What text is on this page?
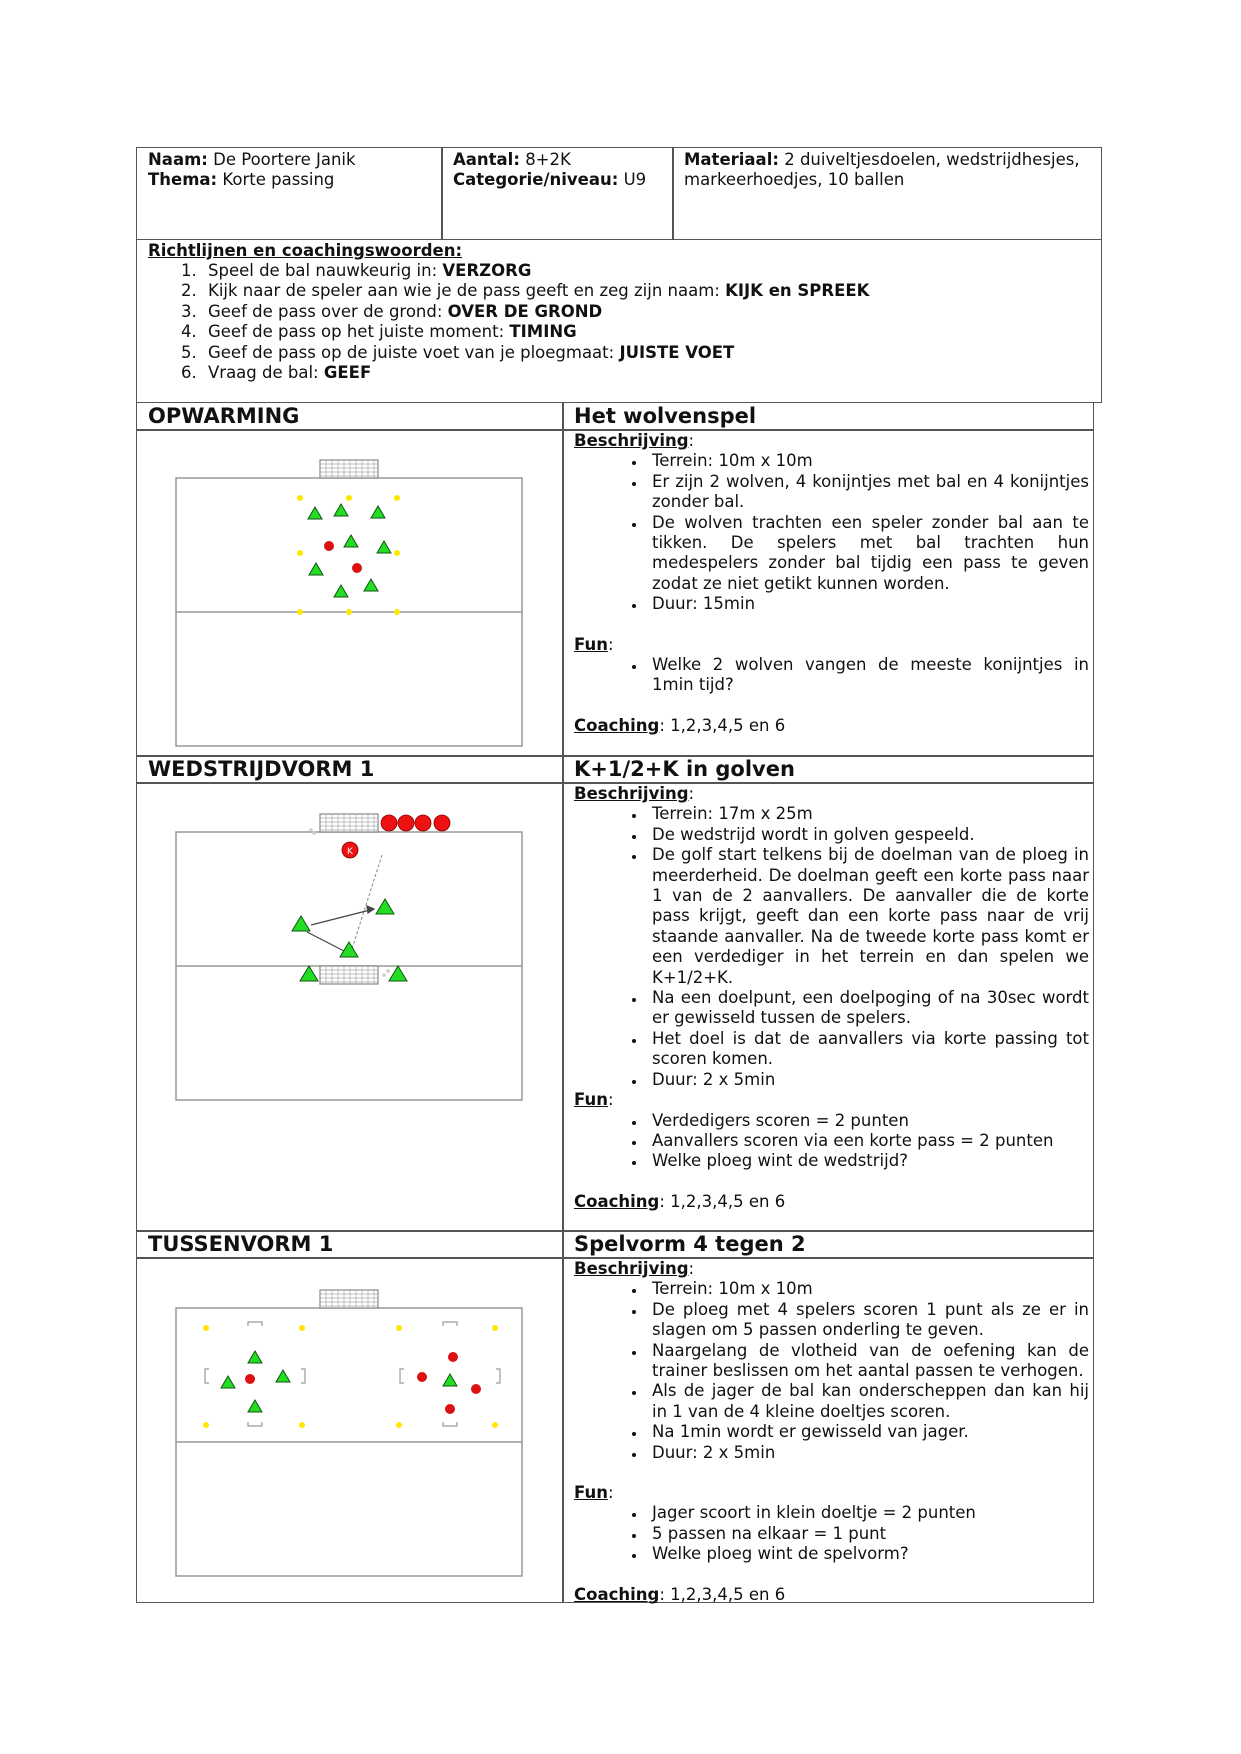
Naam: De Poortere Janik
Thema: Korte passing
Aantal: 8+2K
Categorie/niveau: U9
Materiaal: 2 duiveltjesdoelen, wedstrijdhesjes, markeerhoedjes, 10 ballen
Richtlijnen en coachingswoorden:
1. Speel de bal nauwkeurig in: VERZORG
2. Kijk naar de speler aan wie je de pass geeft en zeg zijn naam: KIJK en SPREEK
3. Geef de pass over de grond: OVER DE GROND
4. Geef de pass op het juiste moment: TIMING
5. Geef de pass op de juiste voet van je ploegmaat: JUISTE VOET
6. Vraag de bal: GEEF
OPWARMING	Het wolvenspel
Beschrijving:
• Terrein: 10m x 10m
• Er zijn 2 wolven, 4 konijntjes met bal en 4 konijntjes zonder bal.
• De wolven trachten een speler zonder bal aan te tikken. De spelers met bal trachten hun medespelers zonder bal tijdig een pass te geven zodat ze niet getikt kunnen worden.
• Duur: 15min
Fun:
• Welke 2 wolven vangen de meeste konijntjes in 1min tijd?
Coaching: 1,2,3,4,5 en 6
WEDSTRIJDVORM 1	K+1/2+K in golven
K
Beschrijving:
• Terrein: 17m x 25m
• De wedstrijd wordt in golven gespeeld.
• De golf start telkens bij de doelman van de ploeg in meerderheid. De doelman geeft een korte pass naar 1 van de 2 aanvallers. De aanvaller die de korte pass krijgt, geeft dan een korte pass naar de vrij staande aanvaller. Na de tweede korte pass komt er een verdediger in het terrein en dan spelen we K+1/2+K.
• Na een doelpunt, een doelpoging of na 30sec wordt er gewisseld tussen de spelers.
• Het doel is dat de aanvallers via korte passing tot scoren komen.
• Duur: 2 x 5min
Fun:
• Verdedigers scoren = 2 punten
• Aanvallers scoren via een korte pass = 2 punten
• Welke ploeg wint de wedstrijd?
Coaching: 1,2,3,4,5 en 6
TUSSENVORM 1	Spelvorm 4 tegen 2
Beschrijving:
• Terrein: 10m x 10m
• De ploeg met 4 spelers scoren 1 punt als ze er in slagen om 5 passen onderling te geven.
• Naargelang de vlotheid van de oefening kan de trainer beslissen om het aantal passen te verhogen.
• Als de jager de bal kan onderscheppen dan kan hij in 1 van de 4 kleine doeltjes scoren.
• Na 1min wordt er gewisseld van jager.
• Duur: 2 x 5min
Fun:
• Jager scoort in klein doeltje = 2 punten
• 5 passen na elkaar = 1 punt
• Welke ploeg wint de spelvorm?
Coaching: 1,2,3,4,5 en 6
